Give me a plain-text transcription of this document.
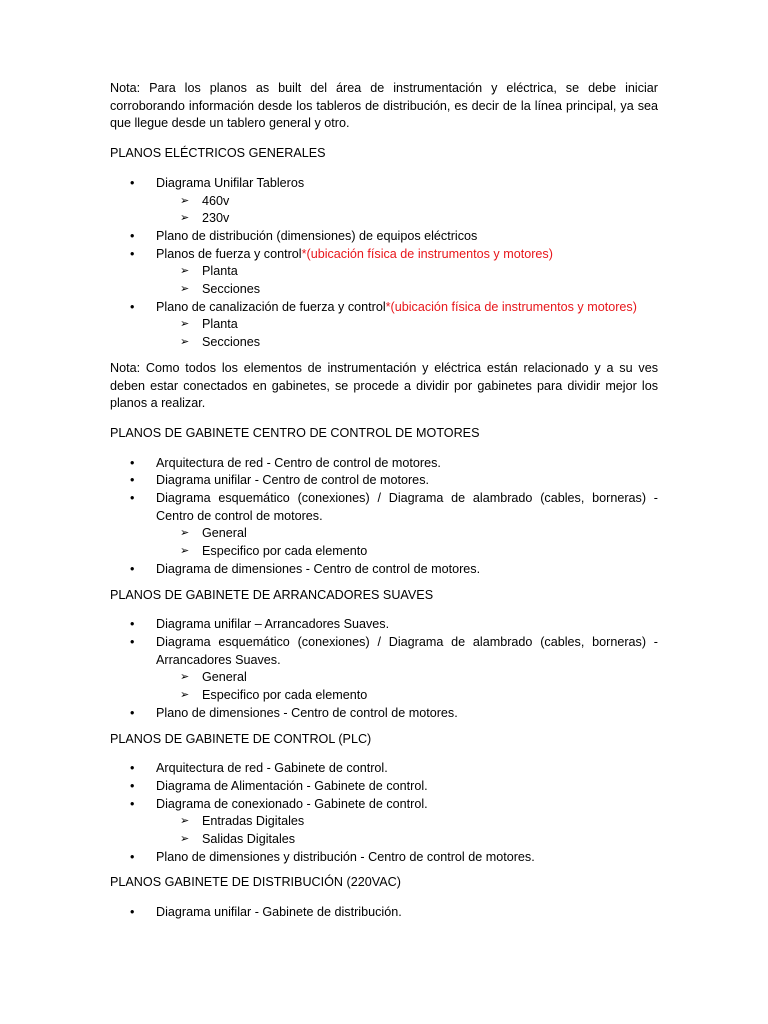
Nota: Para los planos as built del área de instrumentación y eléctrica, se debe iniciar corroborando información desde los tableros de distribución, es decir de la línea principal, ya sea que llegue desde un tablero general y otro.

PLANOS ELÉCTRICOS GENERALES

• Diagrama Unifilar Tableros
➢ 460v
➢ 230v
• Plano de distribución (dimensiones) de equipos eléctricos
• Planos de fuerza y control*(ubicación física de instrumentos y motores)
➢ Planta
➢ Secciones
• Plano de canalización de fuerza y control*(ubicación física de instrumentos y motores)
➢ Planta
➢ Secciones

Nota: Como todos los elementos de instrumentación y eléctrica están relacionado y a su ves deben estar conectados en gabinetes, se procede a dividir por gabinetes para dividir mejor los planos a realizar.

PLANOS DE GABINETE CENTRO DE CONTROL DE MOTORES

• Arquitectura de red - Centro de control de motores.
• Diagrama unifilar - Centro de control de motores.
• Diagrama esquemático (conexiones) / Diagrama de alambrado (cables, borneras) - Centro de control de motores.
➢ General
➢ Especifico por cada elemento
• Diagrama de dimensiones - Centro de control de motores.

PLANOS DE GABINETE DE ARRANCADORES SUAVES

• Diagrama unifilar – Arrancadores Suaves.
• Diagrama esquemático (conexiones) / Diagrama de alambrado (cables, borneras) - Arrancadores Suaves.
➢ General
➢ Especifico por cada elemento
• Plano de dimensiones - Centro de control de motores.

PLANOS DE GABINETE DE CONTROL (PLC)

• Arquitectura de red - Gabinete de control.
• Diagrama de Alimentación - Gabinete de control.
• Diagrama de conexionado - Gabinete de control.
➢ Entradas Digitales
➢ Salidas Digitales
• Plano de dimensiones y distribución - Centro de control de motores.

PLANOS GABINETE DE DISTRIBUCIÓN (220VAC)

• Diagrama unifilar - Gabinete de distribución.
